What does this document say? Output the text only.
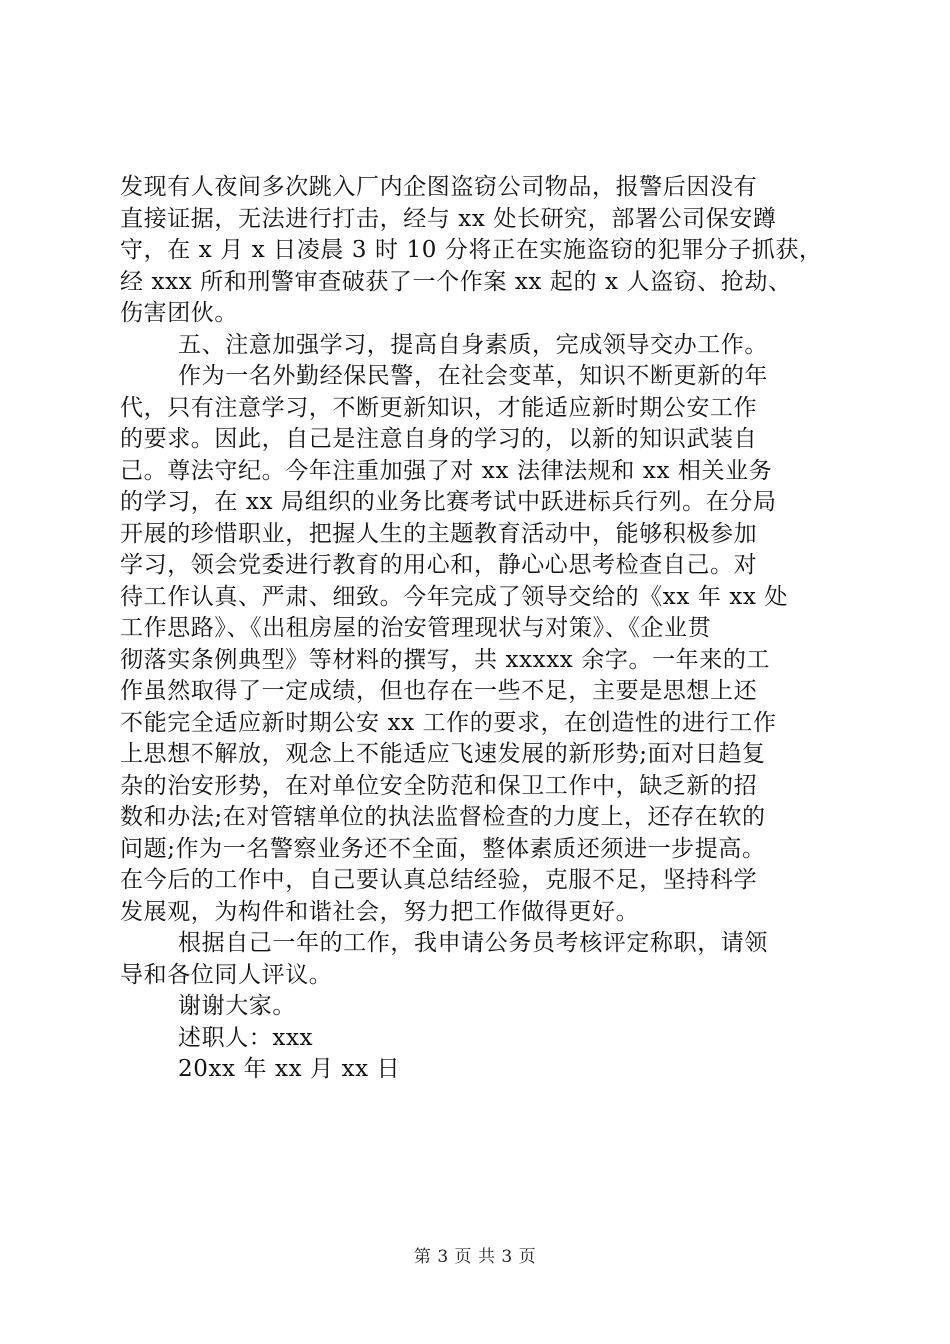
发现有人夜间多次跳入厂内企图盗窃公司物品，报警后因没有
直接证据，无法进行打击，经与 xx 处长研究，部署公司保安蹲
守，在 x 月 x 日凌晨 3 时 10 分将正在实施盗窃的犯罪分子抓获，
经 xxx 所和刑警审查破获了一个作案 xx 起的 x 人盗窃、抢劫、
伤害团伙。
五、注意加强学习，提高自身素质，完成领导交办工作。
作为一名外勤经保民警，在社会变革，知识不断更新的年
代，只有注意学习，不断更新知识，才能适应新时期公安工作
的要求。因此，自己是注意自身的学习的，以新的知识武装自
己。尊法守纪。今年注重加强了对 xx 法律法规和 xx 相关业务
的学习，在 xx 局组织的业务比赛考试中跃进标兵行列。在分局
开展的珍惜职业，把握人生的主题教育活动中，能够积极参加
学习，领会党委进行教育的用心和，静心心思考检查自己。对
待工作认真、严肃、细致。今年完成了领导交给的《xx 年 xx 处
工作思路》、《出租房屋的治安管理现状与对策》、《企业贯
彻落实条例典型》等材料的撰写，共 xxxxx 余字。一年来的工
作虽然取得了一定成绩，但也存在一些不足，主要是思想上还
不能完全适应新时期公安 xx 工作的要求，在创造性的进行工作
上思想不解放，观念上不能适应飞速发展的新形势;面对日趋复
杂的治安形势，在对单位安全防范和保卫工作中，缺乏新的招
数和办法;在对管辖单位的执法监督检查的力度上，还存在软的
问题;作为一名警察业务还不全面，整体素质还须进一步提高。
在今后的工作中，自己要认真总结经验，克服不足，坚持科学
发展观，为构件和谐社会，努力把工作做得更好。
根据自己一年的工作，我申请公务员考核评定称职，请领
导和各位同人评议。
谢谢大家。
述职人：xxx
20xx 年 xx 月 xx 日
第 3 页 共 3 页
